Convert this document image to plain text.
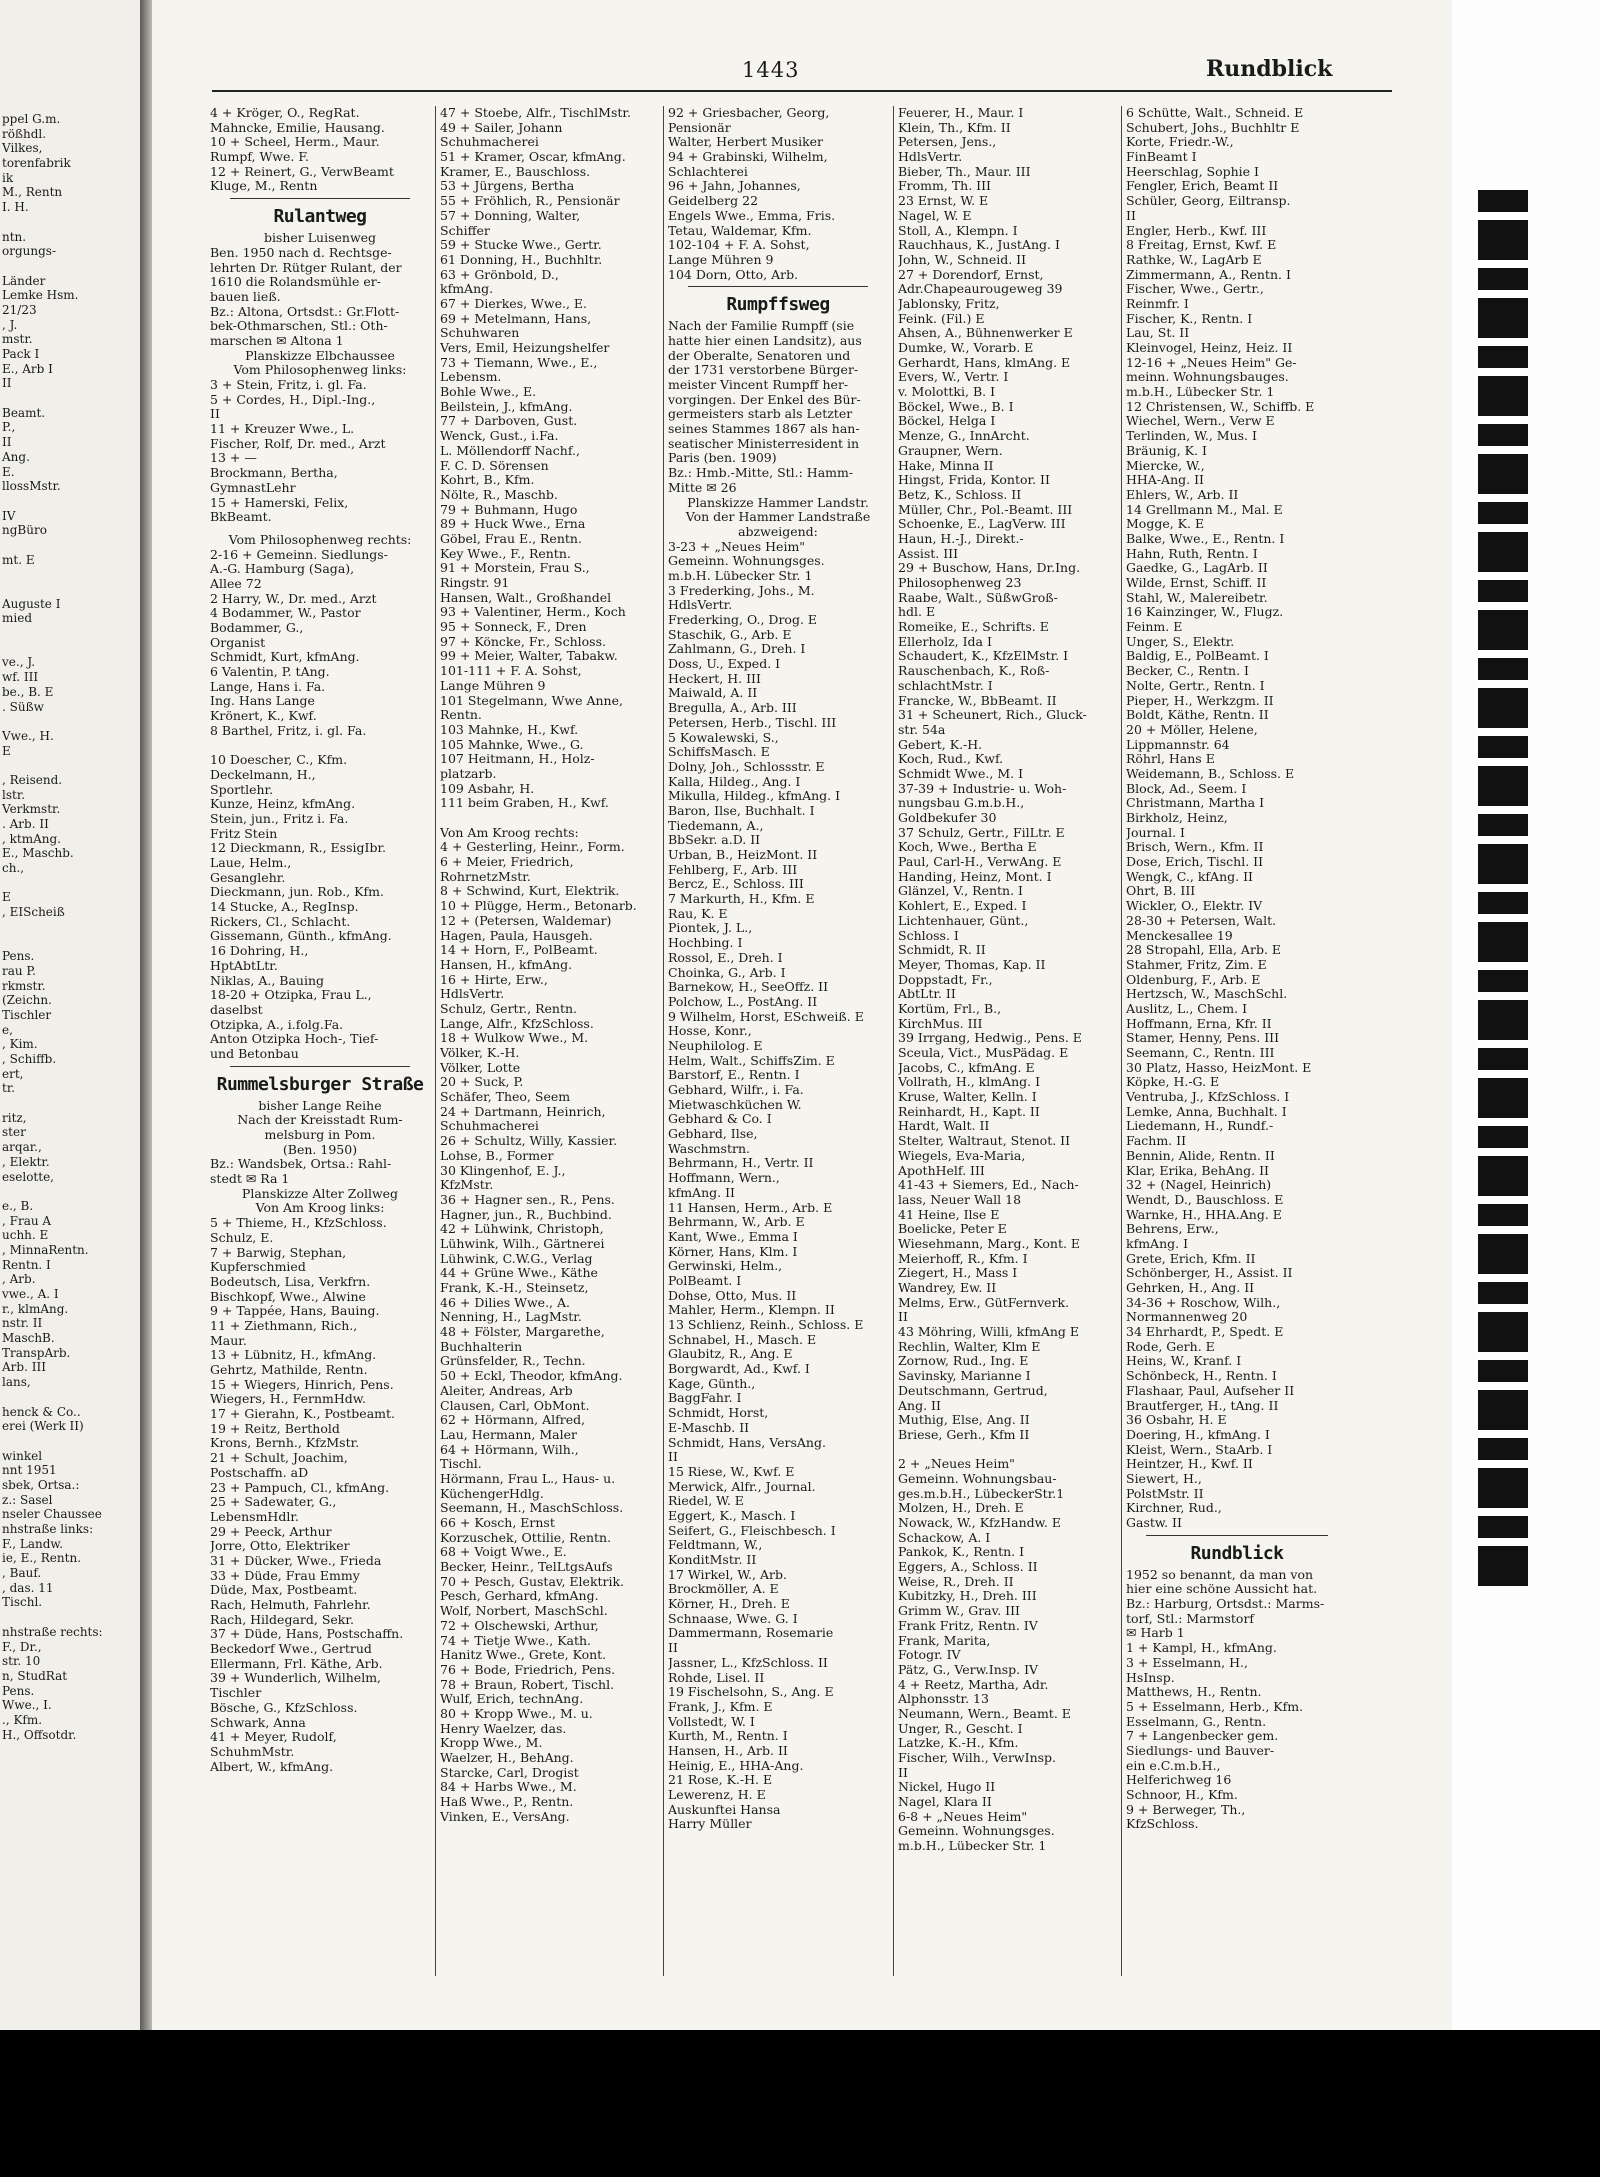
ppel G.m.
rößhdl.
Vilkes,
torenfabrik
ik
M., Rentn
I. H.
ntn.
orgungs-
Länder
Lemke Hsm.
21/23
, J.
mstr.
Pack I
E., Arb I
II
Beamt.
P.,
II
Ang.
E.
llossMstr.
IV
ngBüro
mt. E
Auguste I
mied
ve., J.
wf. III
be., B. E
. Süßw
Vwe., H.
E
, Reisend.
lstr.
Verkmstr.
. Arb. II
, ktmAng.
E., Maschb.
ch.,
E
, EIScheiß
Pens.
rau P.
rkmstr.
(Zeichn.
Tischler
e,
, Kim.
, Schiffb.
ert,
tr.
ritz,
ster
arqar.,
, Elektr.
eselotte,
e., B.
, Frau A
uchh. E
, MinnaRentn.
Rentn. I
, Arb.
vwe., A. I
r., klmAng.
nstr. II
MaschB.
TranspArb.
Arb. III
lans,
henck & Co..
erei (Werk II)
winkel
nnt 1951
sbek, Ortsa.:
z.: Sasel
nseler Chaussee
nhstraße links:
F., Landw.
ie, E., Rentn.
, Bauf.
, das. 11
Tischl.
nhstraße rechts:
F., Dr.,
str. 10
n, StudRat
Pens.
Wwe., I.
., Kfm.
H., Offsotdr.
1443	Rundblick
4 + Kröger, O., RegRat.
Mahncke, Emilie, Hausang.
10 + Scheel, Herm., Maur.
Rumpf, Wwe. F.
12 + Reinert, G., VerwBeamt
Kluge, M., Rentn
Rulantweg
bisher Luisenweg
Ben. 1950 nach d. Rechtsge-
lehrten Dr. Rütger Rulant, der
1610 die Rolandsmühle er-
bauen ließ.
Bz.: Altona, Ortsdst.: Gr.Flott-
bek-Othmarschen, Stl.: Oth-
marschen ✉ Altona 1
Planskizze Elbchaussee
Vom Philosophenweg links:
3 + Stein, Fritz, i. gl. Fa.
5 + Cordes, H., Dipl.-Ing.,
II
11 + Kreuzer Wwe., L.
Fischer, Rolf, Dr. med., Arzt
13 + —
Brockmann, Bertha,
GymnastLehr
15 + Hamerski, Felix,
BkBeamt.
Vom Philosophenweg rechts:
2-16 + Gemeinn. Siedlungs-
A.-G. Hamburg (Saga),
Allee 72
2 Harry, W., Dr. med., Arzt
4 Bodammer, W., Pastor
Bodammer, G.,
Organist
Schmidt, Kurt, kfmAng.
6 Valentin, P. tAng.
Lange, Hans i. Fa.
Ing. Hans Lange
Krönert, K., Kwf.
8 Barthel, Fritz, i. gl. Fa.
10 Doescher, C., Kfm.
Deckelmann, H.,
Sportlehr.
Kunze, Heinz, kfmAng.
Stein, jun., Fritz i. Fa.
Fritz Stein
12 Dieckmann, R., EssigIbr.
Laue, Helm.,
Gesanglehr.
Dieckmann, jun. Rob., Kfm.
14 Stucke, A., RegInsp.
Rickers, Cl., Schlacht.
Gissemann, Günth., kfmAng.
16 Dohring, H.,
HptAbtLtr.
Niklas, A., Bauing
18-20 + Otzipka, Frau L.,
daselbst
Otzipka, A., i.folg.Fa.
Anton Otzipka Hoch-, Tief-
und Betonbau
Rummelsburger Straße
bisher Lange Reihe
Nach der Kreisstadt Rum-
melsburg in Pom.
(Ben. 1950)
Bz.: Wandsbek, Ortsa.: Rahl-
stedt ✉ Ra 1
Planskizze Alter Zollweg
Von Am Kroog links:
5 + Thieme, H., KfzSchloss.
Schulz, E.
7 + Barwig, Stephan,
Kupferschmied
Bodeutsch, Lisa, Verkfrn.
Bischkopf, Wwe., Alwine
9 + Tappée, Hans, Bauing.
11 + Ziethmann, Rich.,
Maur.
13 + Lübnitz, H., kfmAng.
Gehrtz, Mathilde, Rentn.
15 + Wiegers, Hinrich, Pens.
Wiegers, H., FernmHdw.
17 + Gierahn, K., Postbeamt.
19 + Reitz, Berthold
Krons, Bernh., KfzMstr.
21 + Schult, Joachim,
Postschaffn. aD
23 + Pampuch, Cl., kfmAng.
25 + Sadewater, G.,
LebensmHdlr.
29 + Peeck, Arthur
Jorre, Otto, Elektriker
31 + Dücker, Wwe., Frieda
33 + Düde, Frau Emmy
Düde, Max, Postbeamt.
Rach, Helmuth, Fahrlehr.
Rach, Hildegard, Sekr.
37 + Düde, Hans, Postschaffn.
Beckedorf Wwe., Gertrud
Ellermann, Frl. Käthe, Arb.
39 + Wunderlich, Wilhelm,
Tischler
Bösche, G., KfzSchloss.
Schwark, Anna
41 + Meyer, Rudolf,
SchuhmMstr.
Albert, W., kfmAng.
47 + Stoebe, Alfr., TischlMstr.
49 + Sailer, Johann
Schuhmacherei
51 + Kramer, Oscar, kfmAng.
Kramer, E., Bauschloss.
53 + Jürgens, Bertha
55 + Fröhlich, R., Pensionär
57 + Donning, Walter,
Schiffer
59 + Stucke Wwe., Gertr.
61 Donning, H., Buchhltr.
63 + Grönbold, D.,
kfmAng.
67 + Dierkes, Wwe., E.
69 + Metelmann, Hans,
Schuhwaren
Vers, Emil, Heizungshelfer
73 + Tiemann, Wwe., E.,
Lebensm.
Bohle Wwe., E.
Beilstein, J., kfmAng.
77 + Darboven, Gust.
Wenck, Gust., i.Fa.
L. Möllendorff Nachf.,
F. C. D. Sörensen
Kohrt, B., Kfm.
Nölte, R., Maschb.
79 + Buhmann, Hugo
89 + Huck Wwe., Erna
Göbel, Frau E., Rentn.
Key Wwe., F., Rentn.
91 + Morstein, Frau S.,
Ringstr. 91
Hansen, Walt., Großhandel
93 + Valentiner, Herm., Koch
95 + Sonneck, F., Dren
97 + Köncke, Fr., Schloss.
99 + Meier, Walter, Tabakw.
101-111 + F. A. Sohst,
Lange Mühren 9
101 Stegelmann, Wwe Anne,
Rentn.
103 Mahnke, H., Kwf.
105 Mahnke, Wwe., G.
107 Heitmann, H., Holz-
platzarb.
109 Asbahr, H.
111 beim Graben, H., Kwf.
Von Am Kroog rechts:
4 + Gesterling, Heinr., Form.
6 + Meier, Friedrich,
RohrnetzMstr.
8 + Schwind, Kurt, Elektrik.
10 + Plügge, Herm., Betonarb.
12 + (Petersen, Waldemar)
Hagen, Paula, Hausgeh.
14 + Horn, F., PolBeamt.
Hansen, H., kfmAng.
16 + Hirte, Erw.,
HdlsVertr.
Schulz, Gertr., Rentn.
Lange, Alfr., KfzSchloss.
18 + Wulkow Wwe., M.
Völker, K.-H.
Völker, Lotte
20 + Suck, P.
Schäfer, Theo, Seem
24 + Dartmann, Heinrich,
Schuhmacherei
26 + Schultz, Willy, Kassier.
Lohse, B., Former
30 Klingenhof, E. J.,
KfzMstr.
36 + Hagner sen., R., Pens.
Hagner, jun., R., Buchbind.
42 + Lühwink, Christoph,
Lühwink, Wilh., Gärtnerei
Lühwink, C.W.G., Verlag
44 + Grüne Wwe., Käthe
Frank, K.-H., Steinsetz,
46 + Dilies Wwe., A.
Nenning, H., LagMstr.
48 + Fölster, Margarethe,
Buchhalterin
Grünsfelder, R., Techn.
50 + Eckl, Theodor, kfmAng.
Aleiter, Andreas, Arb
Clausen, Carl, ObMont.
62 + Hörmann, Alfred,
Lau, Hermann, Maler
64 + Hörmann, Wilh.,
Tischl.
Hörmann, Frau L., Haus- u.
KüchengerHdlg.
Seemann, H., MaschSchloss.
66 + Kosch, Ernst
Korzuschek, Ottilie, Rentn.
68 + Voigt Wwe., E.
Becker, Heinr., TelLtgsAufs
70 + Pesch, Gustav, Elektrik.
Pesch, Gerhard, kfmAng.
Wolf, Norbert, MaschSchl.
72 + Olschewski, Arthur,
74 + Tietje Wwe., Kath.
Hanitz Wwe., Grete, Kont.
76 + Bode, Friedrich, Pens.
78 + Braun, Robert, Tischl.
Wulf, Erich, technAng.
80 + Kropp Wwe., M. u.
Henry Waelzer, das.
Kropp Wwe., M.
Waelzer, H., BehAng.
Starcke, Carl, Drogist
84 + Harbs Wwe., M.
Haß Wwe., P., Rentn.
Vinken, E., VersAng.
92 + Griesbacher, Georg,
Pensionär
Walter, Herbert Musiker
94 + Grabinski, Wilhelm,
Schlachterei
96 + Jahn, Johannes,
Geidelberg 22
Engels Wwe., Emma, Fris.
Tetau, Waldemar, Kfm.
102-104 + F. A. Sohst,
Lange Mühren 9
104 Dorn, Otto, Arb.
Rumpffsweg
Nach der Familie Rumpff (sie
hatte hier einen Landsitz), aus
der Oberalte, Senatoren und
der 1731 verstorbene Bürger-
meister Vincent Rumpff her-
vorgingen. Der Enkel des Bür-
germeisters starb als Letzter
seines Stammes 1867 als han-
seatischer Ministerresident in
Paris (ben. 1909)
Bz.: Hmb.-Mitte, Stl.: Hamm-
Mitte ✉ 26
Planskizze Hammer Landstr.
Von der Hammer Landstraße
abzweigend:
3-23 + „Neues Heim"
Gemeinn. Wohnungsges.
m.b.H. Lübecker Str. 1
3 Frederking, Johs., M.
HdlsVertr.
Frederking, O., Drog. E
Staschik, G., Arb. E
Zahlmann, G., Dreh. I
Doss, U., Exped. I
Heckert, H. III
Maiwald, A. II
Bregulla, A., Arb. III
Petersen, Herb., Tischl. III
5 Kowalewski, S.,
SchiffsMasch. E
Dolny, Joh., Schlossstr. E
Kalla, Hildeg., Ang. I
Mikulla, Hildeg., kfmAng. I
Baron, Ilse, Buchhalt. I
Tiedemann, A.,
BbSekr. a.D. II
Urban, B., HeizMont. II
Fehlberg, F., Arb. III
Bercz, E., Schloss. III
7 Markurth, H., Kfm. E
Rau, K. E
Piontek, J. L.,
Hochbing. I
Rossol, E., Dreh. I
Choinka, G., Arb. I
Barnekow, H., SeeOffz. II
Polchow, L., PostAng. II
9 Wilhelm, Horst, ESchweiß. E
Hosse, Konr.,
Neuphilolog. E
Helm, Walt., SchiffsZim. E
Barstorf, E., Rentn. I
Gebhard, Wilfr., i. Fa.
Mietwaschküchen W.
Gebhard & Co. I
Gebhard, Ilse,
Waschmstrn.
Behrmann, H., Vertr. II
Hoffmann, Wern.,
kfmAng. II
11 Hansen, Herm., Arb. E
Behrmann, W., Arb. E
Kant, Wwe., Emma I
Körner, Hans, Klm. I
Gerwinski, Helm.,
PolBeamt. I
Dohse, Otto, Mus. II
Mahler, Herm., Klempn. II
13 Schlienz, Reinh., Schloss. E
Schnabel, H., Masch. E
Glaubitz, R., Ang. E
Borgwardt, Ad., Kwf. I
Kage, Günth.,
BaggFahr. I
Schmidt, Horst,
E-Maschb. II
Schmidt, Hans, VersAng.
II
15 Riese, W., Kwf. E
Merwick, Alfr., Journal.
Riedel, W. E
Eggert, K., Masch. I
Seifert, G., Fleischbesch. I
Feldtmann, W.,
KonditMstr. II
17 Wirkel, W., Arb.
Brockmöller, A. E
Körner, H., Dreh. E
Schnaase, Wwe. G. I
Dammermann, Rosemarie
II
Jassner, L., KfzSchloss. II
Rohde, Lisel. II
19 Fischelsohn, S., Ang. E
Frank, J., Kfm. E
Vollstedt, W. I
Kurth, M., Rentn. I
Hansen, H., Arb. II
Heinig, E., HHA-Ang.
21 Rose, K.-H. E
Lewerenz, H. E
Auskunftei Hansa
Harry Müller
Feuerer, H., Maur. I
Klein, Th., Kfm. II
Petersen, Jens.,
HdlsVertr.
Bieber, Th., Maur. III
Fromm, Th. III
23 Ernst, W. E
Nagel, W. E
Stoll, A., Klempn. I
Rauchhaus, K., JustAng. I
John, W., Schneid. II
27 + Dorendorf, Ernst,
Adr.Chapeaurougeweg 39
Jablonsky, Fritz,
Feink. (Fil.) E
Ahsen, A., Bühnenwerker E
Dumke, W., Vorarb. E
Gerhardt, Hans, klmAng. E
Evers, W., Vertr. I
v. Molottki, B. I
Böckel, Wwe., B. I
Böckel, Helga I
Menze, G., InnArcht.
Graupner, Wern.
Hake, Minna II
Hingst, Frida, Kontor. II
Betz, K., Schloss. II
Müller, Chr., Pol.-Beamt. III
Schoenke, E., LagVerw. III
Haun, H.-J., Direkt.-
Assist. III
29 + Buschow, Hans, Dr.Ing.
Philosophenweg 23
Raabe, Walt., SüßwGroß-
hdl. E
Romeike, E., Schrifts. E
Ellerholz, Ida I
Schaudert, K., KfzElMstr. I
Rauschenbach, K., Roß-
schlachtMstr. I
Francke, W., BbBeamt. II
31 + Scheunert, Rich., Gluck-
str. 54a
Gebert, K.-H.
Koch, Rud., Kwf.
Schmidt Wwe., M. I
37-39 + Industrie- u. Woh-
nungsbau G.m.b.H.,
Goldbekufer 30
37 Schulz, Gertr., FilLtr. E
Koch, Wwe., Bertha E
Paul, Carl-H., VerwAng. E
Handing, Heinz, Mont. I
Glänzel, V., Rentn. I
Kohlert, E., Exped. I
Lichtenhauer, Günt.,
Schloss. I
Schmidt, R. II
Meyer, Thomas, Kap. II
Doppstadt, Fr.,
AbtLtr. II
Kortüm, Frl., B.,
KirchMus. III
39 Irrgang, Hedwig., Pens. E
Sceula, Vict., MusPädag. E
Jacobs, C., kfmAng. E
Vollrath, H., klmAng. I
Kruse, Walter, Kelln. I
Reinhardt, H., Kapt. II
Hardt, Walt. II
Stelter, Waltraut, Stenot. II
Wiegels, Eva-Maria,
ApothHelf. III
41-43 + Siemers, Ed., Nach-
lass, Neuer Wall 18
41 Heine, Ilse E
Boelicke, Peter E
Wiesehmann, Marg., Kont. E
Meierhoff, R., Kfm. I
Ziegert, H., Mass I
Wandrey, Ew. II
Melms, Erw., GütFernverk.
II
43 Möhring, Willi, kfmAng E
Rechlin, Walter, Klm E
Zornow, Rud., Ing. E
Savinsky, Marianne I
Deutschmann, Gertrud,
Ang. II
Muthig, Else, Ang. II
Briese, Gerh., Kfm II
2 + „Neues Heim"
Gemeinn. Wohnungsbau-
ges.m.b.H., LübeckerStr.1
Molzen, H., Dreh. E
Nowack, W., KfzHandw. E
Schackow, A. I
Pankok, K., Rentn. I
Eggers, A., Schloss. II
Weise, R., Dreh. II
Kubitzky, H., Dreh. III
Grimm W., Grav. III
Frank Fritz, Rentn. IV
Frank, Marita,
Fotogr. IV
Pätz, G., Verw.Insp. IV
4 + Reetz, Martha, Adr.
Alphonsstr. 13
Neumann, Wern., Beamt. E
Unger, R., Gescht. I
Latzke, K.-H., Kfm.
Fischer, Wilh., VerwInsp.
II
Nickel, Hugo II
Nagel, Klara II
6-8 + „Neues Heim"
Gemeinn. Wohnungsges.
m.b.H., Lübecker Str. 1
6 Schütte, Walt., Schneid. E
Schubert, Johs., Buchhltr E
Korte, Friedr.-W.,
FinBeamt I
Heerschlag, Sophie I
Fengler, Erich, Beamt II
Schüler, Georg, Eiltransp.
II
Engler, Herb., Kwf. III
8 Freitag, Ernst, Kwf. E
Rathke, W., LagArb E
Zimmermann, A., Rentn. I
Fischer, Wwe., Gertr.,
Reinmfr. I
Fischer, K., Rentn. I
Lau, St. II
Kleinvogel, Heinz, Heiz. II
12-16 + „Neues Heim" Ge-
meinn. Wohnungsbauges.
m.b.H., Lübecker Str. 1
12 Christensen, W., Schiffb. E
Wiechel, Wern., Verw E
Terlinden, W., Mus. I
Bräunig, K. I
Miercke, W.,
HHA-Ang. II
Ehlers, W., Arb. II
14 Grellmann M., Mal. E
Mogge, K. E
Balke, Wwe., E., Rentn. I
Hahn, Ruth, Rentn. I
Gaedke, G., LagArb. II
Wilde, Ernst, Schiff. II
Stahl, W., Malereibetr.
16 Kainzinger, W., Flugz.
Feinm. E
Unger, S., Elektr.
Baldig, E., PolBeamt. I
Becker, C., Rentn. I
Nolte, Gertr., Rentn. I
Pieper, H., Werkzgm. II
Boldt, Käthe, Rentn. II
20 + Möller, Helene,
Lippmannstr. 64
Röhrl, Hans E
Weidemann, B., Schloss. E
Block, Ad., Seem. I
Christmann, Martha I
Birkholz, Heinz,
Journal. I
Brisch, Wern., Kfm. II
Dose, Erich, Tischl. II
Wengk, C., kfAng. II
Ohrt, B. III
Wickler, O., Elektr. IV
28-30 + Petersen, Walt.
Menckesallee 19
28 Stropahl, Ella, Arb. E
Stahmer, Fritz, Zim. E
Oldenburg, F., Arb. E
Hertzsch, W., MaschSchl.
Auslitz, L., Chem. I
Hoffmann, Erna, Kfr. II
Stamer, Henny, Pens. III
Seemann, C., Rentn. III
30 Platz, Hasso, HeizMont. E
Köpke, H.-G. E
Ventruba, J., KfzSchloss. I
Lemke, Anna, Buchhalt. I
Liedemann, H., Rundf.-
Fachm. II
Bennin, Alide, Rentn. II
Klar, Erika, BehAng. II
32 + (Nagel, Heinrich)
Wendt, D., Bauschloss. E
Warnke, H., HHA.Ang. E
Behrens, Erw.,
kfmAng. I
Grete, Erich, Kfm. II
Schönberger, H., Assist. II
Gehrken, H., Ang. II
34-36 + Roschow, Wilh.,
Normannenweg 20
34 Ehrhardt, P., Spedt. E
Rode, Gerh. E
Heins, W., Kranf. I
Schönbeck, H., Rentn. I
Flashaar, Paul, Aufseher II
Brautferger, H., tAng. II
36 Osbahr, H. E
Doering, H., kfmAng. I
Kleist, Wern., StaArb. I
Heintzer, H., Kwf. II
Siewert, H.,
PolstMstr. II
Kirchner, Rud.,
Gastw. II
Rundblick
1952 so benannt, da man von
hier eine schöne Aussicht hat.
Bz.: Harburg, Ortsdst.: Marms-
torf, Stl.: Marmstorf
✉ Harb 1
1 + Kampl, H., kfmAng.
3 + Esselmann, H.,
HsInsp.
Matthews, H., Rentn.
5 + Esselmann, Herb., Kfm.
Esselmann, G., Rentn.
7 + Langenbecker gem.
Siedlungs- und Bauver-
ein e.C.m.b.H.,
Helferichweg 16
Schnoor, H., Kfm.
9 + Berweger, Th.,
KfzSchloss.
